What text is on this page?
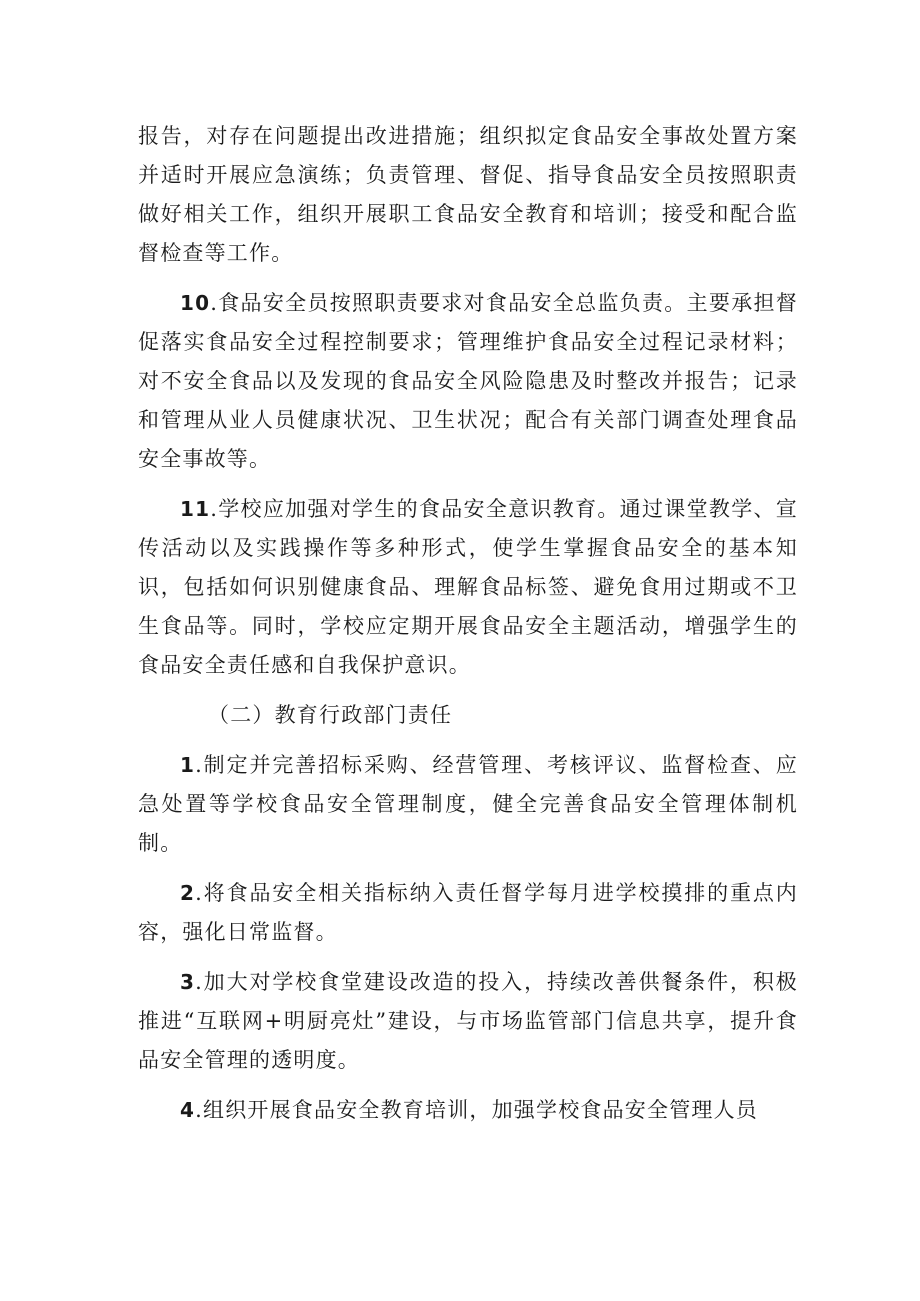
报告，对存在问题提出改进措施；组织拟定食品安全事故处置方案并适时开展应急演练；负责管理、督促、指导食品安全员按照职责做好相关工作，组织开展职工食品安全教育和培训；接受和配合监督检查等工作。

10.食品安全员按照职责要求对食品安全总监负责。主要承担督促落实食品安全过程控制要求；管理维护食品安全过程记录材料；对不安全食品以及发现的食品安全风险隐患及时整改并报告；记录和管理从业人员健康状况、卫生状况；配合有关部门调查处理食品安全事故等。

11.学校应加强对学生的食品安全意识教育。通过课堂教学、宣传活动以及实践操作等多种形式，使学生掌握食品安全的基本知识，包括如何识别健康食品、理解食品标签、避免食用过期或不卫生食品等。同时，学校应定期开展食品安全主题活动，增强学生的食品安全责任感和自我保护意识。

（二）教育行政部门责任

1.制定并完善招标采购、经营管理、考核评议、监督检查、应急处置等学校食品安全管理制度，健全完善食品安全管理体制机制。

2.将食品安全相关指标纳入责任督学每月进学校摸排的重点内容，强化日常监督。

3.加大对学校食堂建设改造的投入，持续改善供餐条件，积极推进“互联网+明厨亮灶”建设，与市场监管部门信息共享，提升食品安全管理的透明度。

4.组织开展食品安全教育培训，加强学校食品安全管理人员
